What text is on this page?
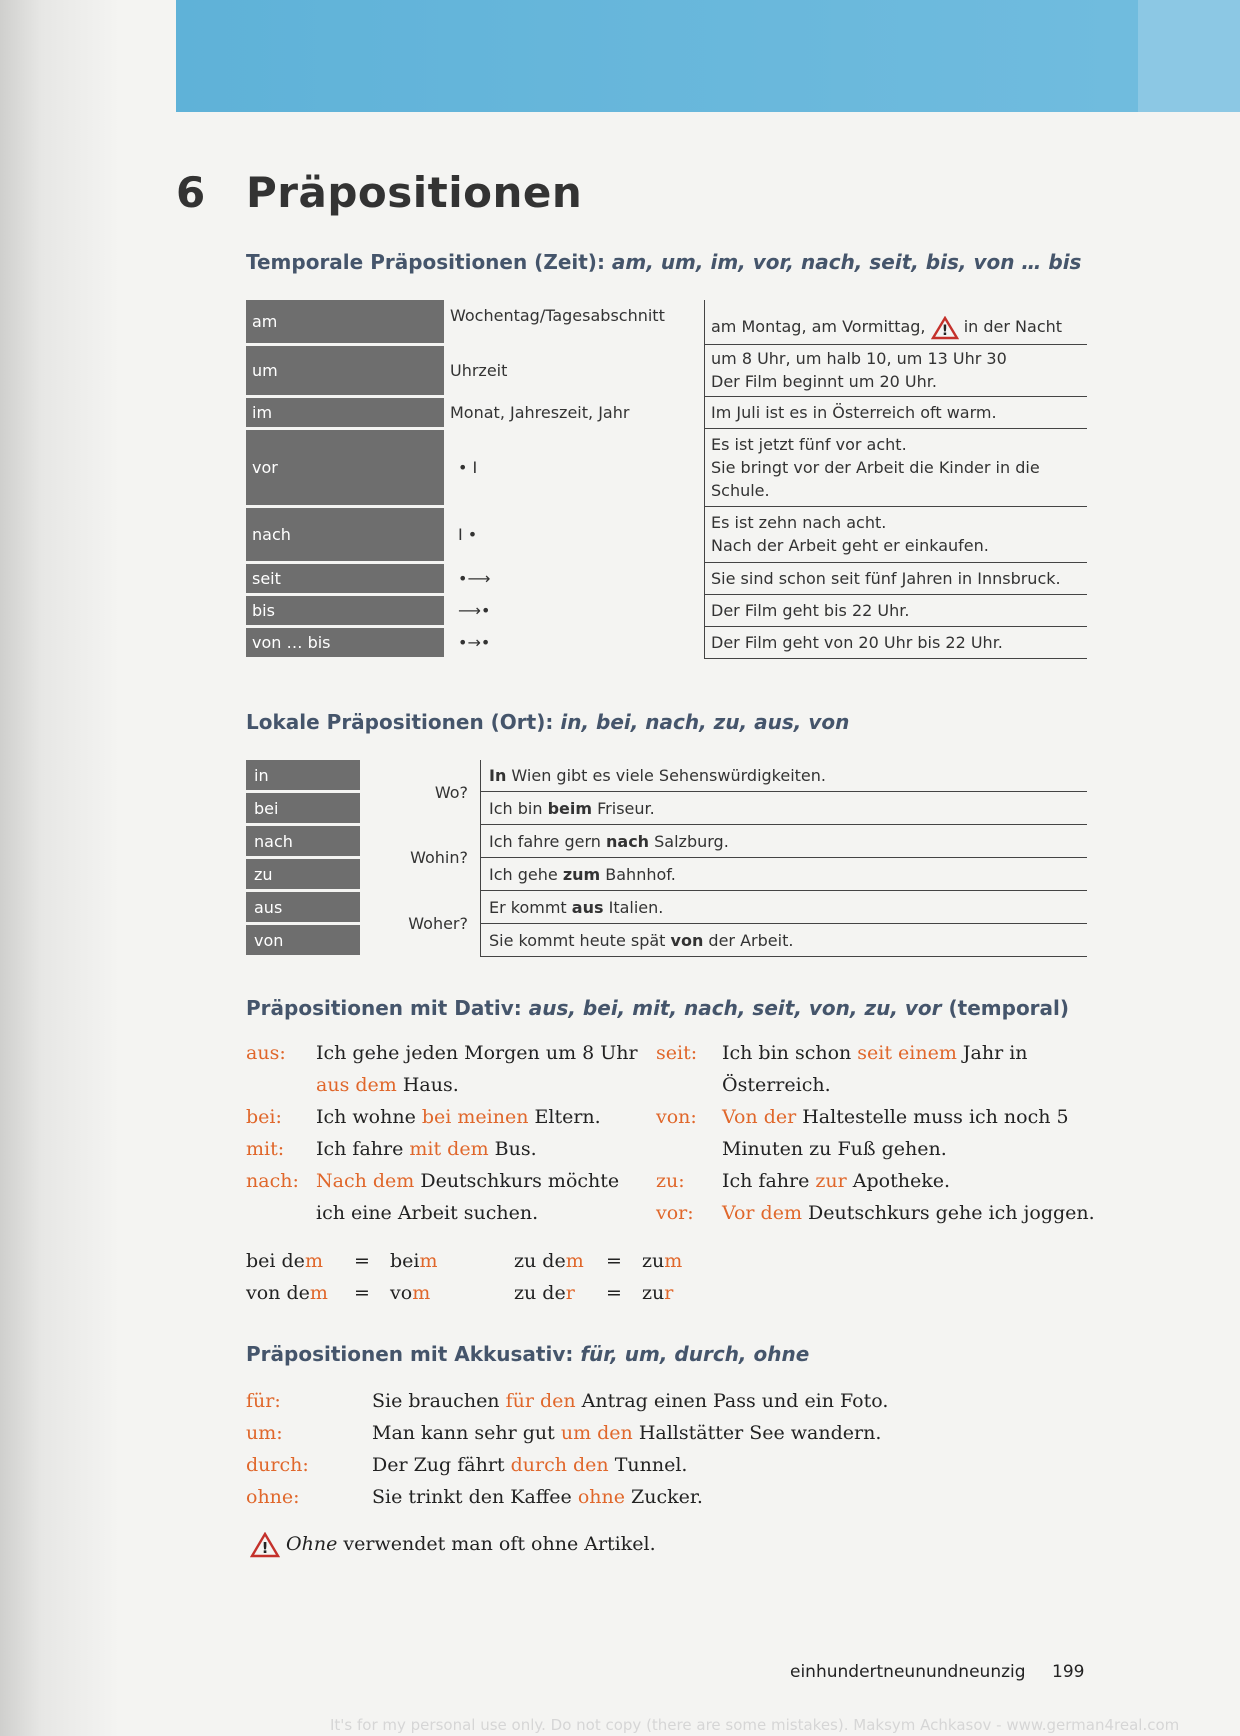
6 Präpositionen
Temporale Präpositionen (Zeit): am, um, im, vor, nach, seit, bis, von … bis
am	Wochentag/Tagesabschnitt	am Montag, am Vormittag, ! in der Nacht
um	Uhrzeit	um 8 Uhr, um halb 10, um 13 Uhr 30
Der Film beginnt um 20 Uhr.

im	Monat, Jahreszeit, Jahr	Im Juli ist es in Österreich oft warm.
vor	• I	Es ist jetzt fünf vor acht.
Sie bringt vor der Arbeit die Kinder in die
Schule.

nach	I •	Es ist zehn nach acht.
Nach der Arbeit geht er einkaufen.

seit	•⟶	Sie sind schon seit fünf Jahren in Innsbruck.
bis	⟶•	Der Film geht bis 22 Uhr.
von … bis	•→•	Der Film geht von 20 Uhr bis 22 Uhr.
Lokale Präpositionen (Ort): in, bei, nach, zu, aus, von
in	Wo?	In Wien gibt es viele Sehenswürdigkeiten.
bei		Ich bin beim Friseur.
nach	Wohin?	Ich fahre gern nach Salzburg.
zu		Ich gehe zum Bahnhof.
aus	Woher?	Er kommt aus Italien.
von		Sie kommt heute spät von der Arbeit.
Präpositionen mit Dativ: aus, bei, mit, nach, seit, von, zu, vor (temporal)
aus: Ich gehe jeden Morgen um 8 Uhr
aus dem Haus.
bei: Ich wohne bei meinen Eltern.
mit: Ich fahre mit dem Bus.
nach: Nach dem Deutschkurs möchte
ich eine Arbeit suchen.
seit: Ich bin schon seit einem Jahr in
Österreich.
von: Von der Haltestelle muss ich noch 5
Minuten zu Fuß gehen.
zu: Ich fahre zur Apotheke.
vor: Vor dem Deutschkurs gehe ich joggen.
bei dem = beim
von dem = vom
zu dem = zum
zu der = zur
Präpositionen mit Akkusativ: für, um, durch, ohne
für:	Sie brauchen für den Antrag einen Pass und ein Foto.
um:	Man kann sehr gut um den Hallstätter See wandern.
durch:	Der Zug fährt durch den Tunnel.
ohne:	Sie trinkt den Kaffee ohne Zucker.
! Ohne verwendet man oft ohne Artikel.
einhundertneunundneunzig 199
It's for my personal use only. Do not copy (there are some mistakes). Maksym Achkasov - www.german4real.com
